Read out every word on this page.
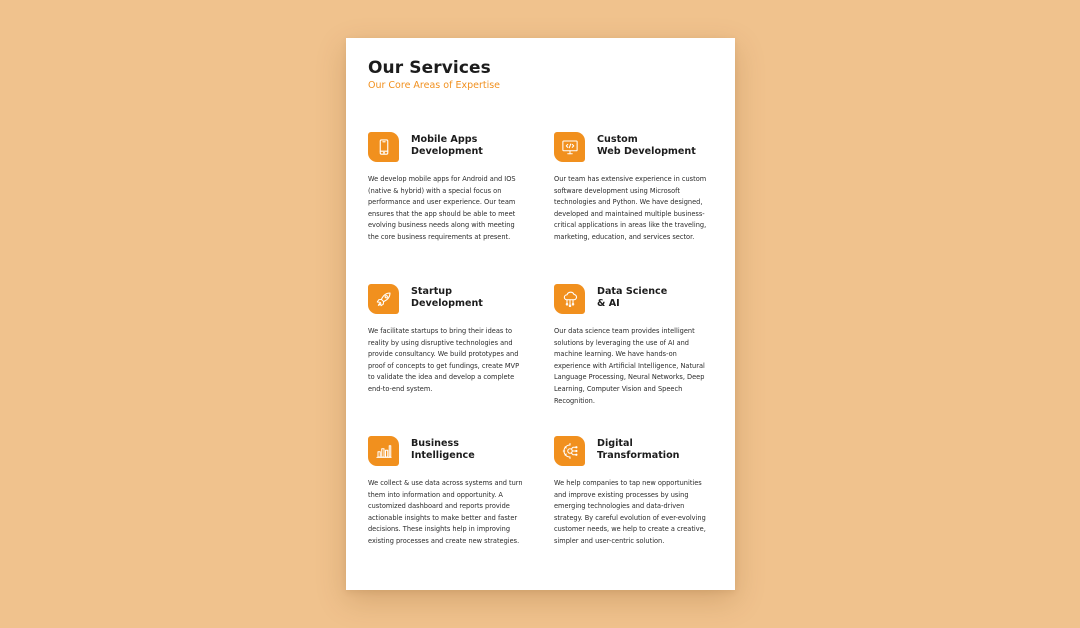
Our Services
Our Core Areas of Expertise
Mobile Apps
Development
We develop mobile apps for Android and IOS (native & hybrid) with a special focus on performance and user experience. Our team ensures that the app should be able to meet evolving business needs along with meeting the core business requirements at present.
Custom
Web Development
Our team has extensive experience in custom software development using Microsoft technologies and Python. We have designed, developed and maintained multiple business-critical applications in areas like the traveling, marketing, education, and services sector.
Startup
Development
We facilitate startups to bring their ideas to reality by using disruptive technologies and provide consultancy. We build prototypes and proof of concepts to get fundings, create MVP to validate the idea and develop a complete end-to-end system.
Data Science
& AI
Our data science team provides intelligent solutions by leveraging the use of AI and machine learning. We have hands-on experience with Artificial Intelligence, Natural Language Processing, Neural Networks, Deep Learning, Computer Vision and Speech Recognition.
Business
Intelligence
We collect & use data across systems and turn them into information and opportunity. A customized dashboard and reports provide actionable insights to make better and faster decisions. These insights help in improving existing processes and create new strategies.
Digital
Transformation
We help companies to tap new opportunities and improve existing processes by using emerging technologies and data-driven strategy. By careful evolution of ever-evolving customer needs, we help to create a creative, simpler and user-centric solution.
